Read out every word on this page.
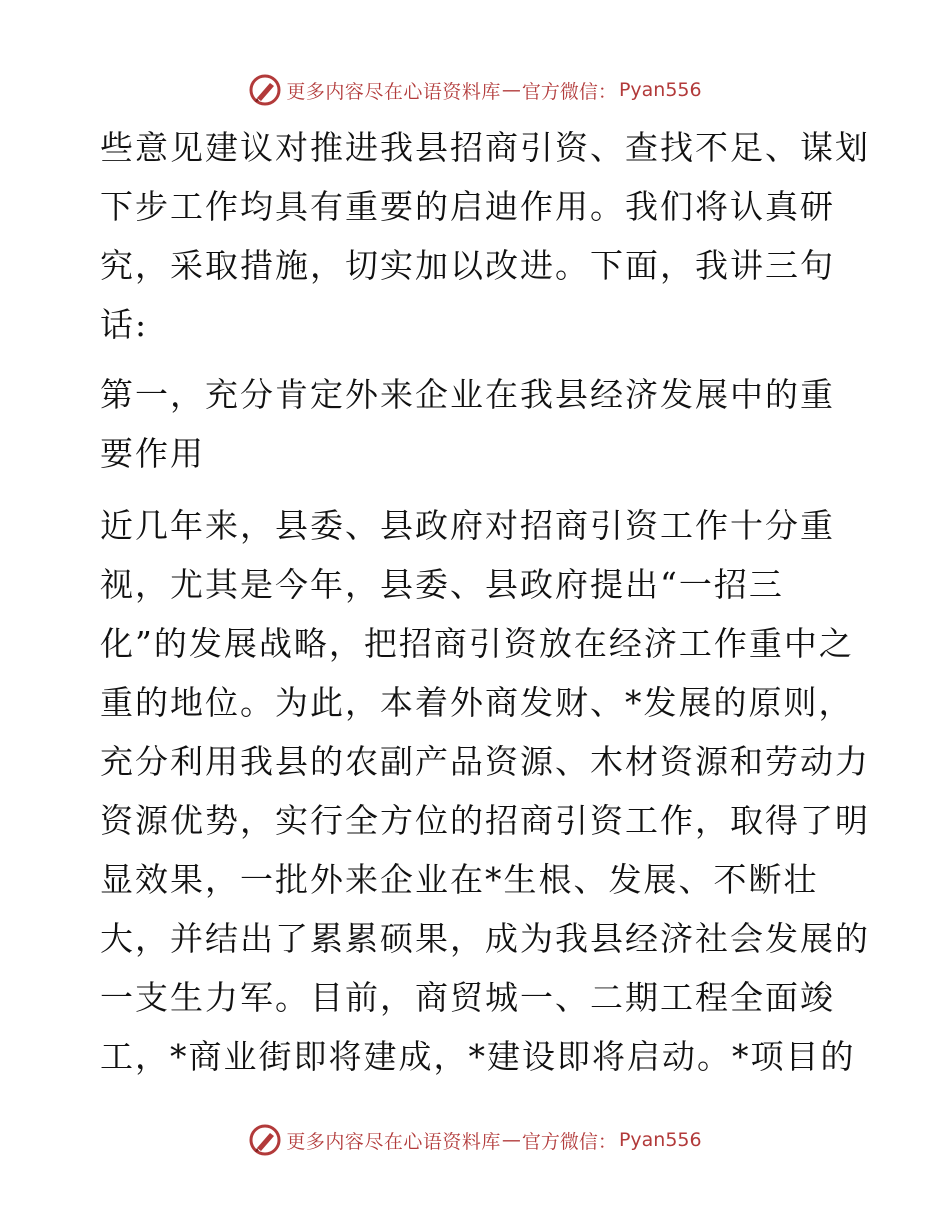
更多内容尽在心语资料库 — 官方微信： Pyan556
些意见建议对推进我县招商引资、查找不足、谋划
下步工作均具有重要的启迪作用。我们将认真研
究，采取措施，切实加以改进。下面，我讲三句
话:
第一，充分肯定外来企业在我县经济发展中的重
要作用
近几年来，县委、县政府对招商引资工作十分重
视，尤其是今年，县委、县政府提出“一招三
化”的发展战略，把招商引资放在经济工作重中之
重的地位。为此，本着外商发财、*发展的原则，
充分利用我县的农副产品资源、木材资源和劳动力
资源优势，实行全方位的招商引资工作，取得了明
显效果，一批外来企业在*生根、发展、不断壮
大，并结出了累累硕果，成为我县经济社会发展的
一支生力军。目前，商贸城一、二期工程全面竣
工，*商业街即将建成，*建设即将启动。*项目的
更多内容尽在心语资料库 — 官方微信： Pyan556
